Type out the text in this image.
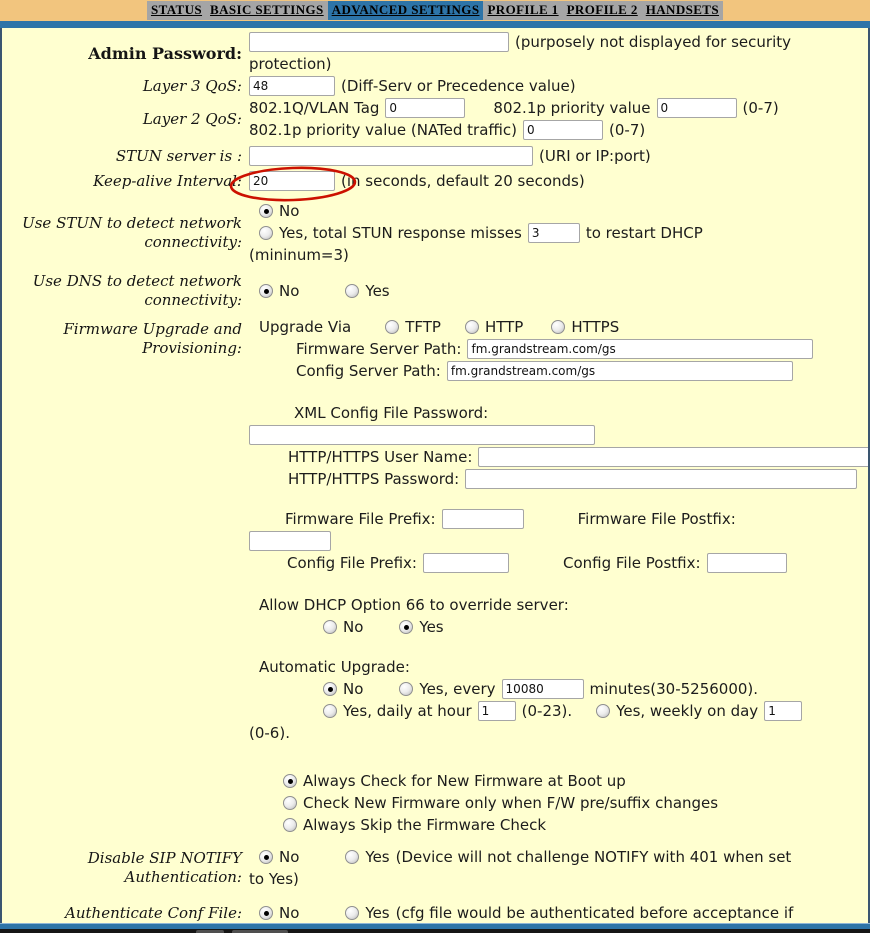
STATUS BASIC SETTINGS ADVANCED SETTINGS PROFILE 1 PROFILE 2 HANDSETS
Admin Password:
(purposely not displayed for security
protection)
Layer 3 QoS:
48	(Diff-Serv or Precedence value)
Layer 2 QoS:
802.1Q/VLAN Tag
0	802.1p priority value
0	(0-7)
802.1p priority value (NATed traffic)
0	(0-7)
STUN server is :	(URI or IP:port)
Keep-alive Interval:
20	(in seconds, default 20 seconds)
Use STUN to detect network connectivity:
No
Yes, total STUN response misses
3	to restart DHCP
(mininum=3)
Use DNS to detect network connectivity:
No	Yes
Firmware Upgrade and Provisioning:
Upgrade Via	TFTP	HTTP	HTTPS
Firmware Server Path:
fm.grandstream.com/gs
Config Server Path:
fm.grandstream.com/gs
XML Config File Password:
HTTP/HTTPS User Name:
HTTP/HTTPS Password:
Firmware File Prefix:	Firmware File Postfix:
Config File Prefix:	Config File Postfix:
Allow DHCP Option 66 to override server:
No	Yes
Automatic Upgrade:
No	Yes, every
10080	minutes(30-5256000).
Yes, daily at hour
1	(0-23).	Yes, weekly on day
1
(0-6).
Always Check for New Firmware at Boot up
Check New Firmware only when F/W pre/suffix changes
Always Skip the Firmware Check
Disable SIP NOTIFY Authentication:
No	Yes (Device will not challenge NOTIFY with 401 when set
to Yes)
Authenticate Conf File:	No	Yes (cfg file would be authenticated before acceptance if
